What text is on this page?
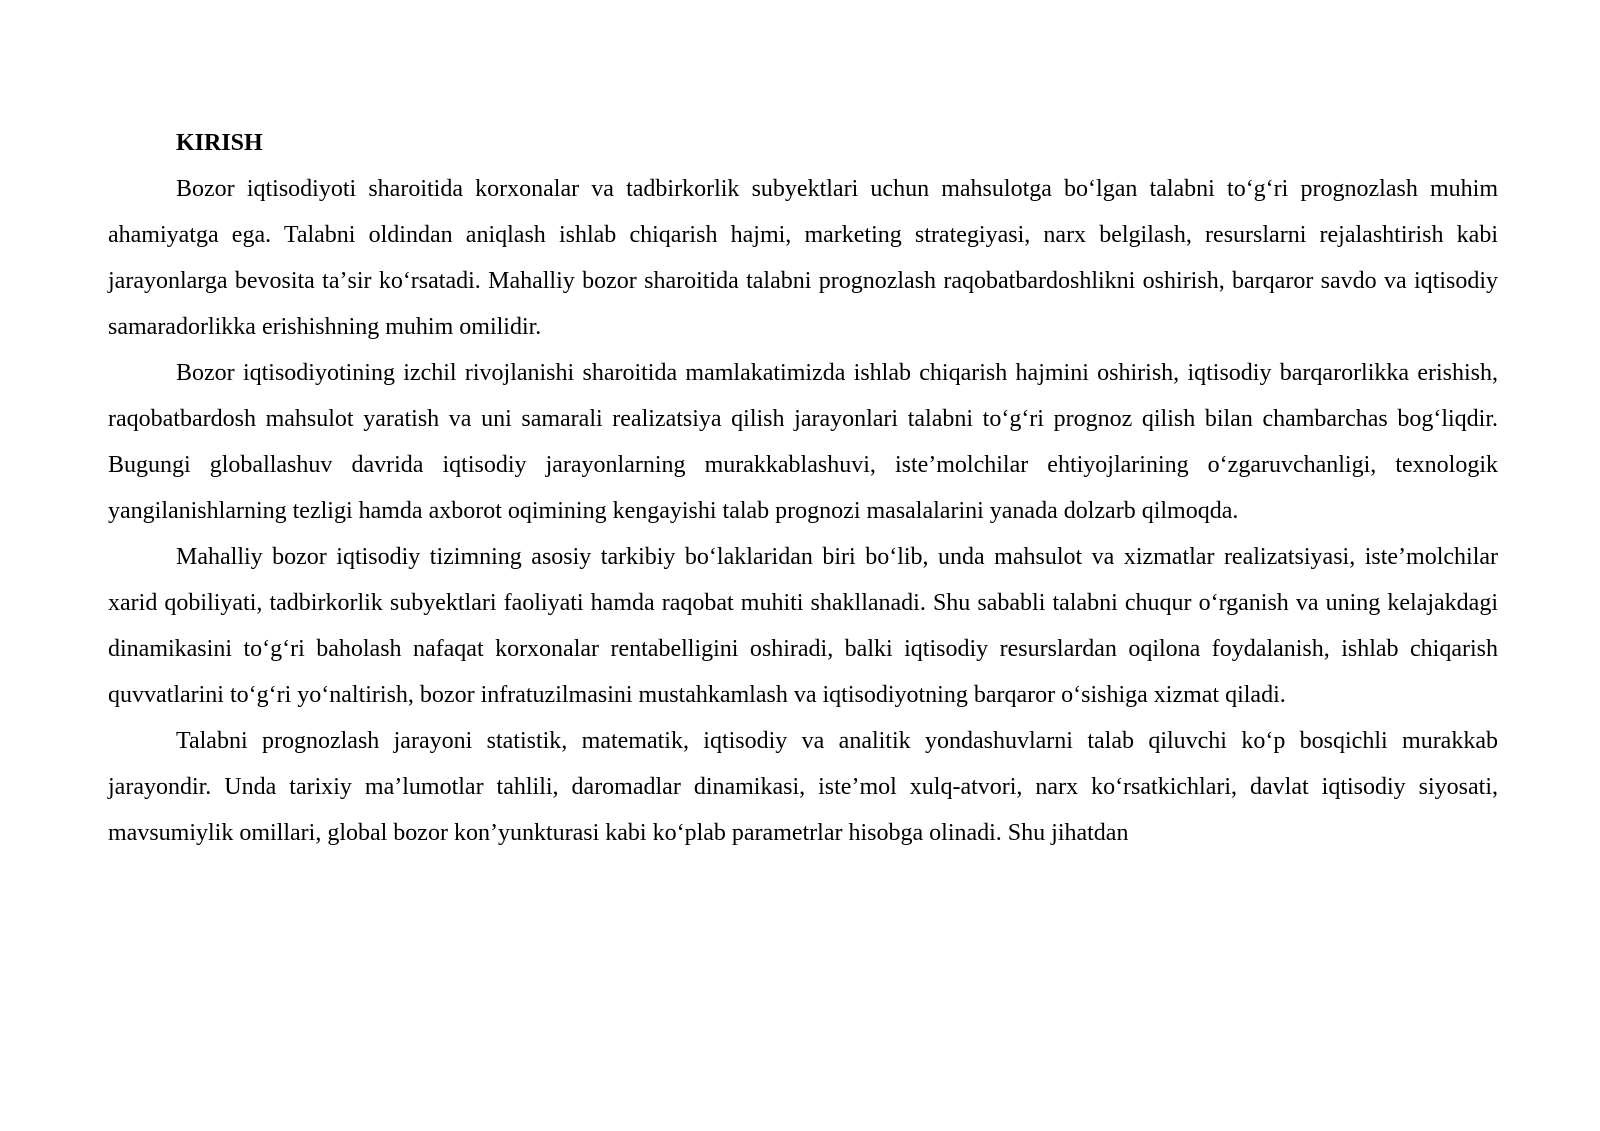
KIRISH

Bozor iqtisodiyoti sharoitida korxonalar va tadbirkorlik subyektlari uchun mahsulotga boʻlgan talabni toʻgʻri prognozlash muhim ahamiyatga ega. Talabni oldindan aniqlash ishlab chiqarish hajmi, marketing strategiyasi, narx belgilash, resurslarni rejalashtirish kabi jarayonlarga bevosita taʼsir koʻrsatadi. Mahalliy bozor sharoitida talabni prognozlash raqobatbardoshlikni oshirish, barqaror savdo va iqtisodiy samaradorlikka erishishning muhim omilidir.

Bozor iqtisodiyotining izchil rivojlanishi sharoitida mamlakatimizda ishlab chiqarish hajmini oshirish, iqtisodiy barqarorlikka erishish, raqobatbardosh mahsulot yaratish va uni samarali realizatsiya qilish jarayonlari talabni toʻgʻri prognoz qilish bilan chambarchas bogʻliqdir. Bugungi globallashuv davrida iqtisodiy jarayonlarning murakkablashuvi, isteʼmolchilar ehtiyojlarining oʻzgaruvchanligi, texnologik yangilanishlarning tezligi hamda axborot oqimining kengayishi talab prognozi masalalarini yanada dolzarb qilmoqda.

Mahalliy bozor iqtisodiy tizimning asosiy tarkibiy boʻlaklaridan biri boʻlib, unda mahsulot va xizmatlar realizatsiyasi, isteʼmolchilar xarid qobiliyati, tadbirkorlik subyektlari faoliyati hamda raqobat muhiti shakllanadi. Shu sababli talabni chuqur oʻrganish va uning kelajakdagi dinamikasini toʻgʻri baholash nafaqat korxonalar rentabelligini oshiradi, balki iqtisodiy resurslardan oqilona foydalanish, ishlab chiqarish quvvatlarini toʻgʻri yoʻnaltirish, bozor infratuzilmasini mustahkamlash va iqtisodiyotning barqaror oʻsishiga xizmat qiladi.

Talabni prognozlash jarayoni statistik, matematik, iqtisodiy va analitik yondashuvlarni talab qiluvchi koʻp bosqichli murakkab jarayondir. Unda tarixiy maʼlumotlar tahlili, daromadlar dinamikasi, isteʼmol xulq-atvori, narx koʻrsatkichlari, davlat iqtisodiy siyosati, mavsumiylik omillari, global bozor konʼyunkturasi kabi koʻplab parametrlar hisobga olinadi. Shu jihatdan
